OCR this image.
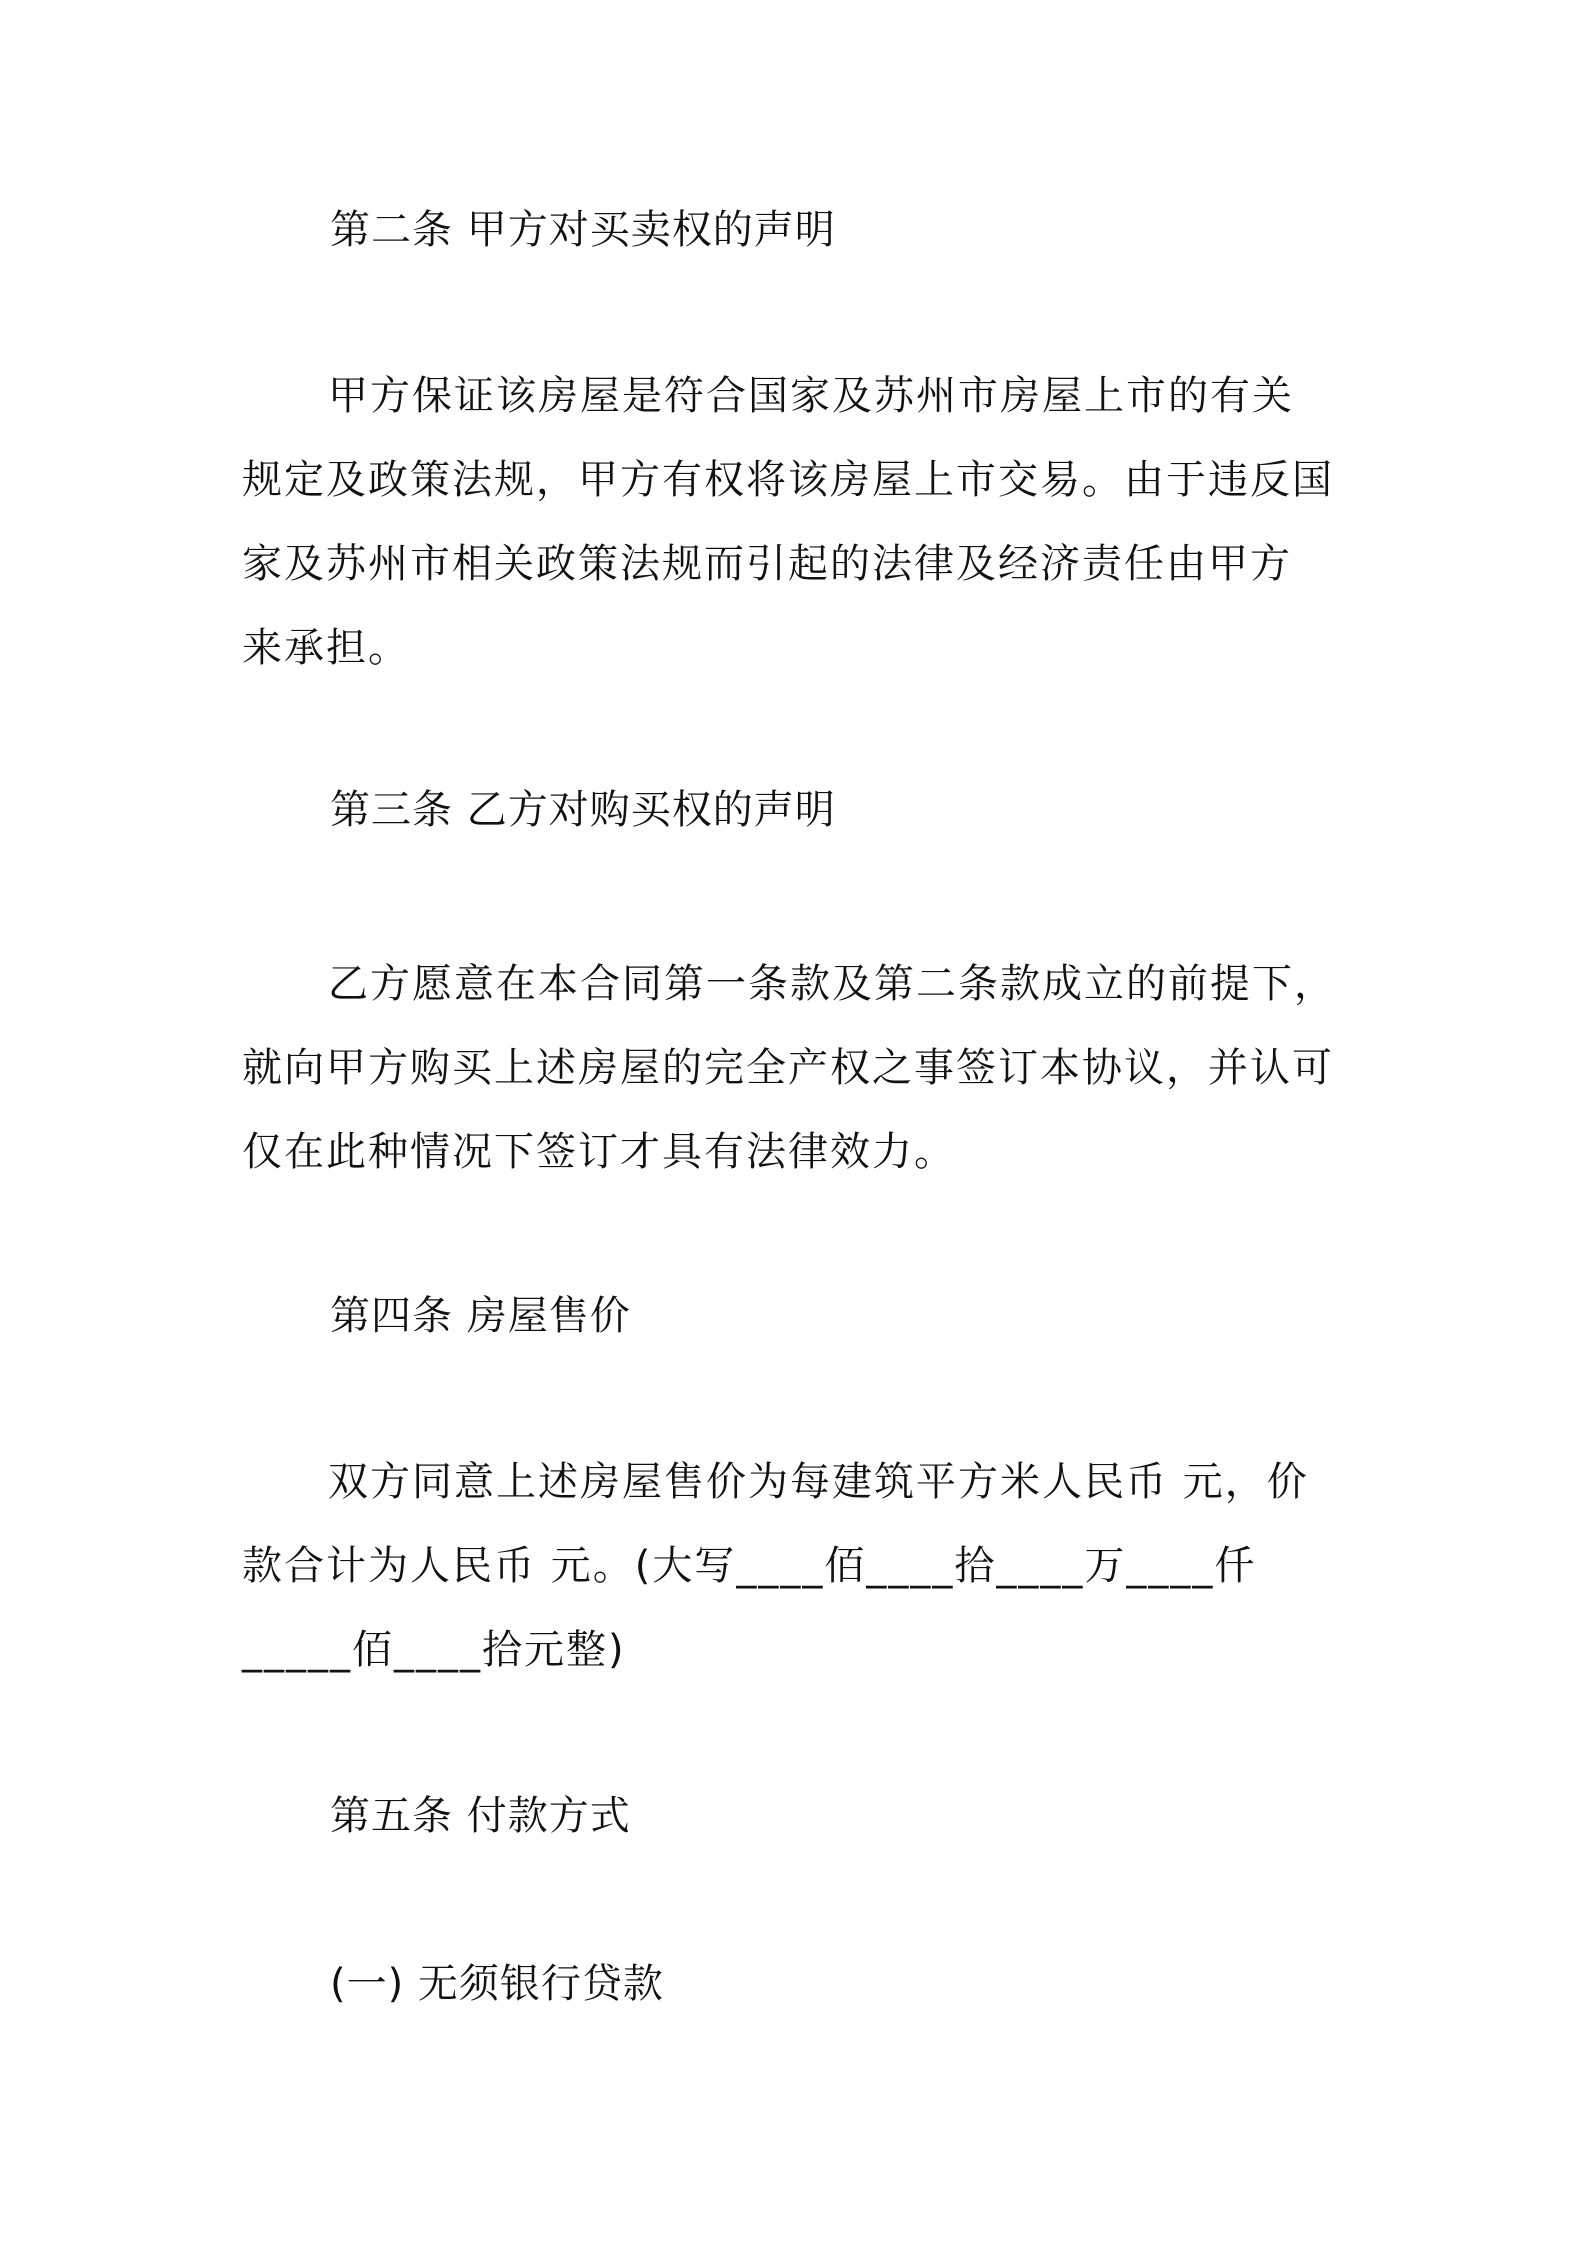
第二条 甲方对买卖权的声明
甲方保证该房屋是符合国家及苏州市房屋上市的有关
规定及政策法规，甲方有权将该房屋上市交易。由于违反国
家及苏州市相关政策法规而引起的法律及经济责任由甲方
来承担。
第三条 乙方对购买权的声明
乙方愿意在本合同第一条款及第二条款成立的前提下，
就向甲方购买上述房屋的完全产权之事签订本协议，并认可
仅在此种情况下签订才具有法律效力。
第四条 房屋售价
双方同意上述房屋售价为每建筑平方米人民币 元，价
款合计为人民币 元。(大写____佰____拾____万____仟
_____佰____拾元整)
第五条 付款方式
(一) 无须银行贷款
